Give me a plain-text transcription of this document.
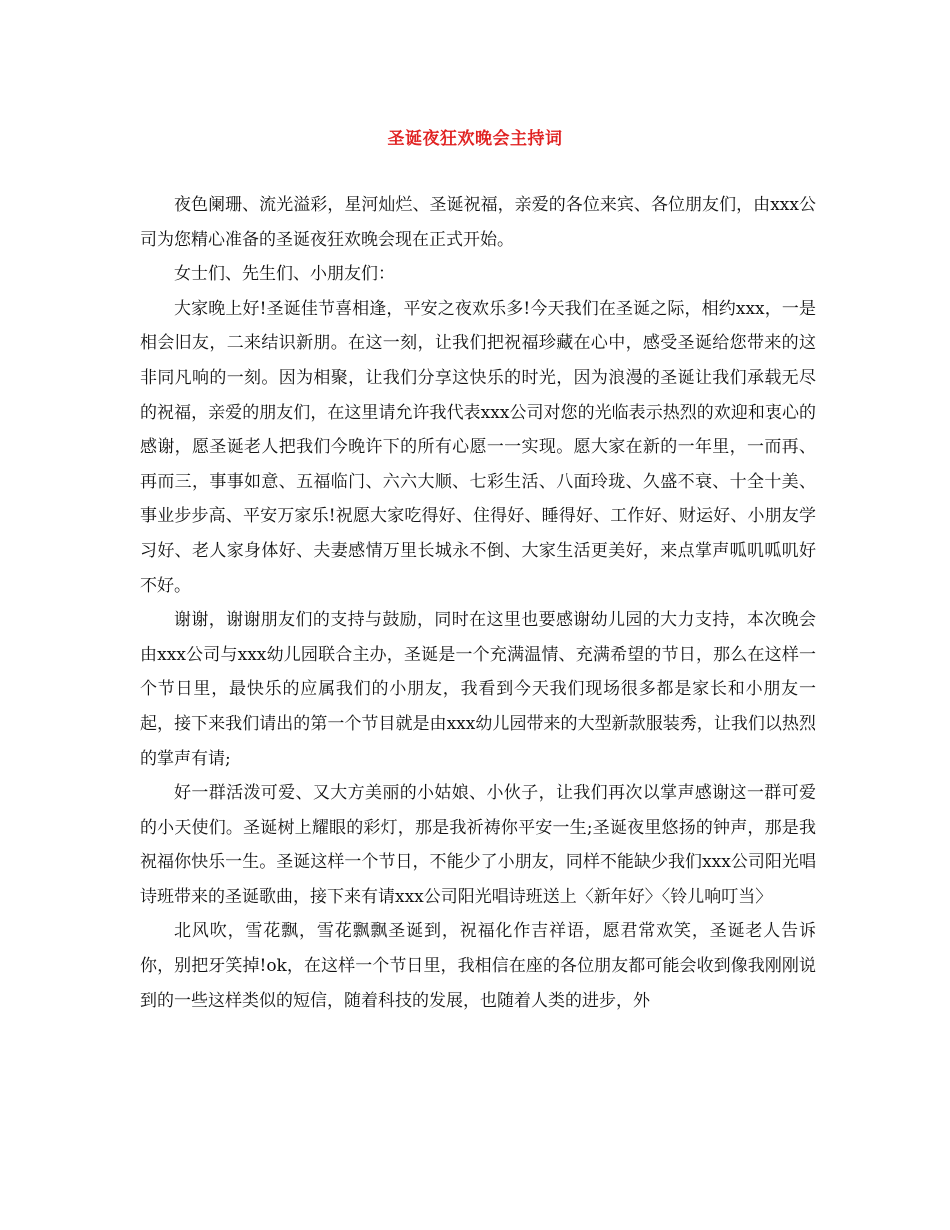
圣诞夜狂欢晚会主持词

夜色阑珊、流光溢彩，星河灿烂、圣诞祝福，亲爱的各位来宾、各位朋友们，由xxx公司为您精心准备的圣诞夜狂欢晚会现在正式开始。

女士们、先生们、小朋友们：

大家晚上好!圣诞佳节喜相逢，平安之夜欢乐多!今天我们在圣诞之际，相约xxx，一是相会旧友，二来结识新朋。在这一刻，让我们把祝福珍藏在心中，感受圣诞给您带来的这非同凡响的一刻。因为相聚，让我们分享这快乐的时光，因为浪漫的圣诞让我们承载无尽的祝福，亲爱的朋友们，在这里请允许我代表xxx公司对您的光临表示热烈的欢迎和衷心的感谢，愿圣诞老人把我们今晚许下的所有心愿一一实现。愿大家在新的一年里，一而再、再而三，事事如意、五福临门、六六大顺、七彩生活、八面玲珑、久盛不衰、十全十美、事业步步高、平安万家乐!祝愿大家吃得好、住得好、睡得好、工作好、财运好、小朋友学习好、老人家身体好、夫妻感情万里长城永不倒、大家生活更美好，来点掌声呱叽呱叽好不好。

谢谢，谢谢朋友们的支持与鼓励，同时在这里也要感谢幼儿园的大力支持，本次晚会由xxx公司与xxx幼儿园联合主办，圣诞是一个充满温情、充满希望的节日，那么在这样一个节日里，最快乐的应属我们的小朋友，我看到今天我们现场很多都是家长和小朋友一起，接下来我们请出的第一个节目就是由xxx幼儿园带来的大型新款服装秀，让我们以热烈的掌声有请;

好一群活泼可爱、又大方美丽的小姑娘、小伙子，让我们再次以掌声感谢这一群可爱的小天使们。圣诞树上耀眼的彩灯，那是我祈祷你平安一生;圣诞夜里悠扬的钟声，那是我祝福你快乐一生。圣诞这样一个节日，不能少了小朋友，同样不能缺少我们xxx公司阳光唱诗班带来的圣诞歌曲，接下来有请xxx公司阳光唱诗班送上〈新年好〉〈铃儿响叮当〉

北风吹，雪花飘，雪花飘飘圣诞到，祝福化作吉祥语，愿君常欢笑，圣诞老人告诉你，别把牙笑掉!ok，在这样一个节日里，我相信在座的各位朋友都可能会收到像我刚刚说到的一些这样类似的短信，随着科技的发展，也随着人类的进步，外
